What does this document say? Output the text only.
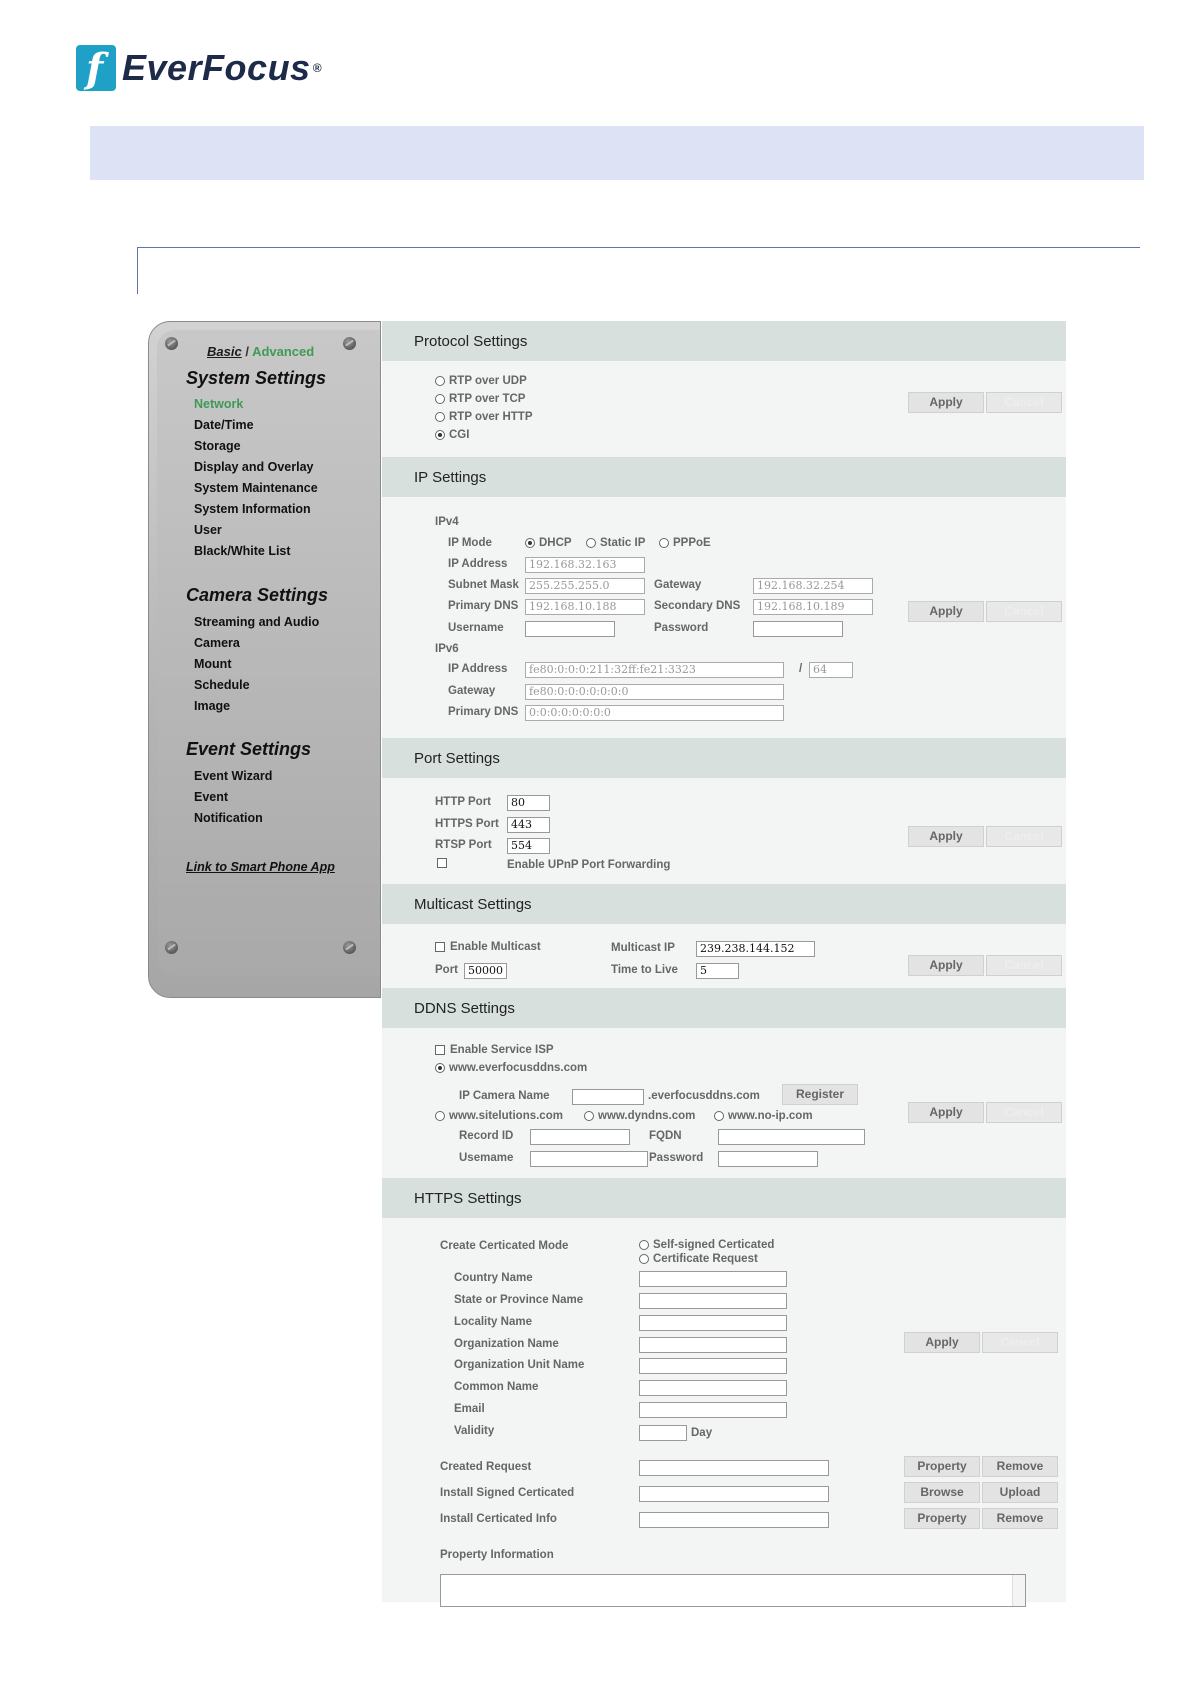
f EverFocus ®
Basic / Advanced
System Settings
Network
Date/Time
Storage
Display and Overlay
System Maintenance
System Information
User
Black/White List
Camera Settings
Streaming and Audio
Camera
Mount
Schedule
Image
Event Settings
Event Wizard
Event
Notification
Link to Smart Phone App
Protocol Settings
RTP over UDP
RTP over TCP
RTP over HTTP
CGI
Apply	Cancel
IP Settings
IPv4
IP Mode	DHCP Static IP PPPoE
IP Address	192.168.32.163
Subnet Mask 255.255.255.0	Gateway	192.168.32.254
Primary DNS 192.168.10.188	Secondary DNS	192.168.10.189
Username	Password
IPv6
IP Address	fe80:0:0:0:211:32ff:fe21:3323	/ 64
Gateway	fe80:0:0:0:0:0:0:0
Primary DNS 0:0:0:0:0:0:0:0
Apply	Cancel
Port Settings
HTTP Port	80
HTTPS Port	443
RTSP Port	554
Enable UPnP Port Forwarding
Apply	Cancel
Multicast Settings
Enable Multicast	Multicast IP	239.238.144.152
Port 50000	Time to Live	5	Apply	Cancel
DDNS Settings
Enable Service ISP
www.everfocusddns.com
IP Camera Name	.everfocusddns.com	Register
www.sitelutions.com	www.dyndns.com	www.no-ip.com
Record ID	FQDN
Usemame	Password
Apply	Cancel
HTTPS Settings
Create Certicated Mode	Self-signed Certicated
Certificate Request
Country Name
State or Province Name
Locality Name
Organization Name
Organization Unit Name
Common Name
Email
Validity	Day
Apply	Cancel
Created Request	Property	Remove
Install Signed Certicated	Browse	Upload
Install Certicated Info	Property	Remove
Property Information
